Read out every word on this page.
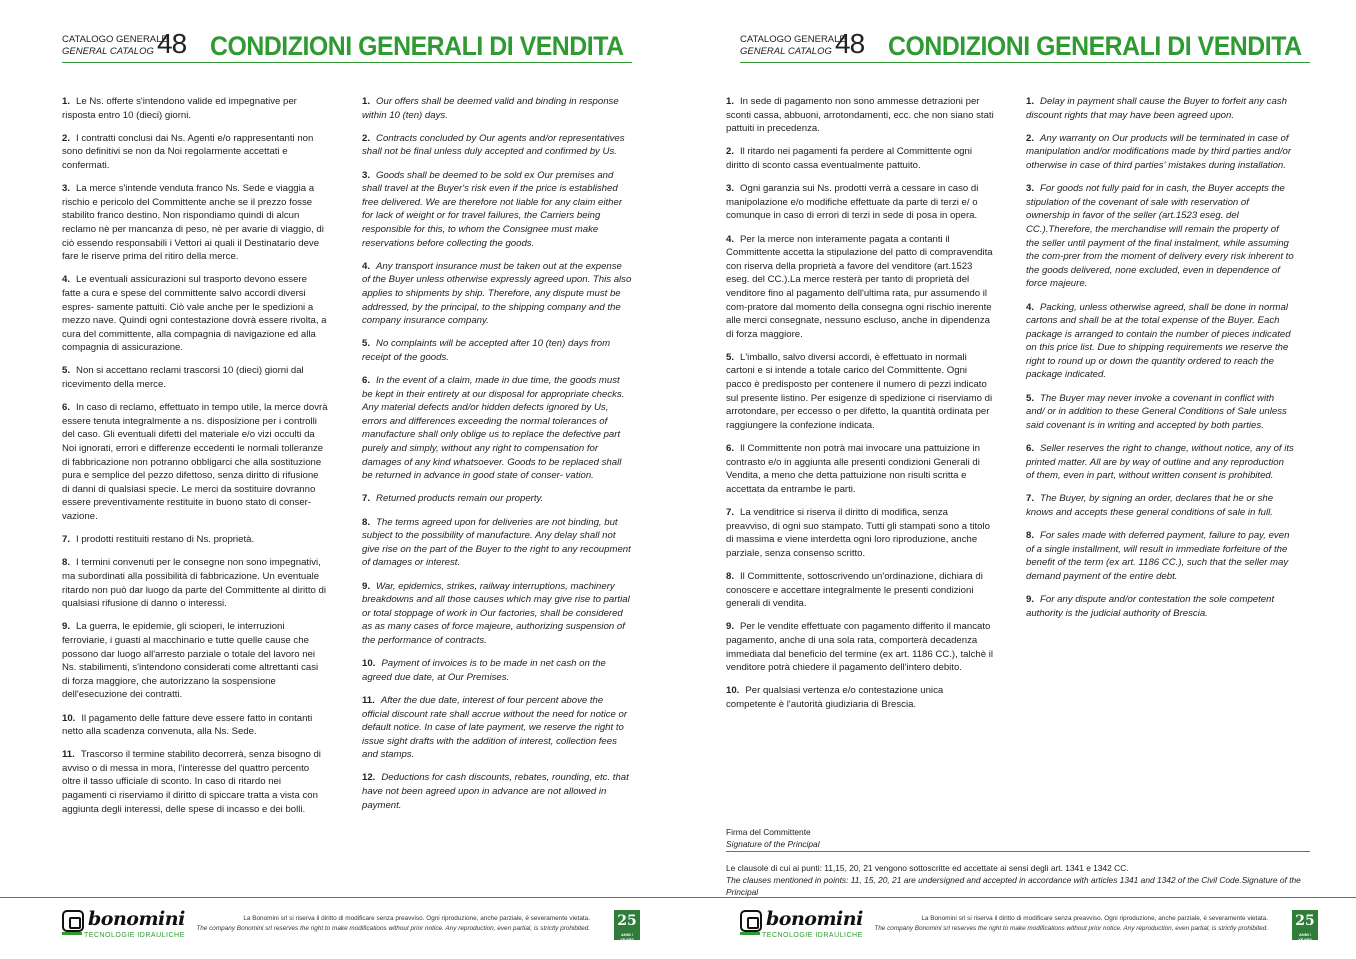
CATALOGO GENERALE
GENERAL CATALOG 48 CONDIZIONI GENERALI DI VENDITA

1. Le Ns. offerte s'intendono valide ed impegnative per risposta entro 10 (dieci) giorni.

2. I contratti conclusi dai Ns. Agenti e/o rappresentanti non sono definitivi se non da Noi regolarmente accettati e confermati.

3. La merce s'intende venduta franco Ns. Sede e viaggia a rischio e pericolo del Committente anche se il prezzo fosse stabilito franco destino. Non rispondiamo quindi di alcun reclamo nè per mancanza di peso, nè per avarie di viaggio, di ciò essendo responsabili i Vettori ai quali il Destinatario deve fare le riserve prima del ritiro della merce.

4. Le eventuali assicurazioni sul trasporto devono essere fatte a cura e spese del committente salvo accordi diversi espres- samente pattuiti. Ciò vale anche per le spedizioni a mezzo nave. Quindi ogni contestazione dovrà essere rivolta, a cura del committente, alla compagnia di navigazione ed alla compagnia di assicurazione.

5. Non si accettano reclami trascorsi 10 (dieci) giorni dal ricevimento della merce.

6. In caso di reclamo, effettuato in tempo utile, la merce dovrà essere tenuta integralmente a ns. disposizione per i controlli del caso. Gli eventuali difetti del materiale e/o vizi occulti da Noi ignorati, errori e differenze eccedenti le normali tolleranze di fabbricazione non potranno obbligarci che alla sostituzione pura e semplice del pezzo difettoso, senza diritto di rifusione di danni di qualsiasi specie. Le merci da sostituire dovranno essere preventivamente restituite in buono stato di conser-vazione.

7. I prodotti restituiti restano di Ns. proprietà.

8. I termini convenuti per le consegne non sono impegnativi, ma subordinati alla possibilità di fabbricazione. Un eventuale ritardo non può dar luogo da parte del Committente al diritto di qualsiasi rifusione di danno o interessi.

9. La guerra, le epidemie, gli scioperi, le interruzioni ferroviarie, i guasti al macchinario e tutte quelle cause che possono dar luogo all'arresto parziale o totale del lavoro nei Ns. stabilimenti, s'intendono considerati come altrettanti casi di forza maggiore, che autorizzano la sospensione dell'esecuzione dei contratti.

10. Il pagamento delle fatture deve essere fatto in contanti netto alla scadenza convenuta, alla Ns. Sede.

11. Trascorso il termine stabilito decorrerà, senza bisogno di avviso o di messa in mora, l'interesse del quattro percento oltre il tasso ufficiale di sconto. In caso di ritardo nei pagamenti ci riserviamo il diritto di spiccare tratta a vista con aggiunta degli interessi, delle spese di incasso e dei bolli.

1. Our offers shall be deemed valid and binding in response within 10 (ten) days.

2. Contracts concluded by Our agents and/or representatives shall not be final unless duly accepted and confirmed by Us.

3. Goods shall be deemed to be sold ex Our premises and shall travel at the Buyer's risk even if the price is established free delivered. We are therefore not liable for any claim either for lack of weight or for travel failures, the Carriers being responsible for this, to whom the Consignee must make reservations before collecting the goods.

4. Any transport insurance must be taken out at the expense of the Buyer unless otherwise expressly agreed upon. This also applies to shipments by ship. Therefore, any dispute must be addressed, by the principal, to the shipping company and the company insurance company.

5. No complaints will be accepted after 10 (ten) days from receipt of the goods.

6. In the event of a claim, made in due time, the goods must be kept in their entirety at our disposal for appropriate checks. Any material defects and/or hidden defects ignored by Us, errors and differences exceeding the normal tolerances of manufacture shall only oblige us to replace the defective part purely and simply, without any right to compensation for damages of any kind whatsoever. Goods to be replaced shall be returned in advance in good state of conser- vation.

7. Returned products remain our property.

8. The terms agreed upon for deliveries are not binding, but subject to the possibility of manufacture. Any delay shall not give rise on the part of the Buyer to the right to any recoupment of damages or interest.

9. War, epidemics, strikes, railway interruptions, machinery breakdowns and all those causes which may give rise to partial or total stoppage of work in Our factories, shall be considered as as many cases of force majeure, authorizing suspension of the performance of contracts.

10. Payment of invoices is to be made in net cash on the agreed due date, at Our Premises.

11. After the due date, interest of four percent above the official discount rate shall accrue without the need for notice or default notice. In case of late payment, we reserve the right to issue sight drafts with the addition of interest, collection fees and stamps.

12. Deductions for cash discounts, rebates, rounding, etc. that have not been agreed upon in advance are not allowed in payment.

bonomini
TECNOLOGIE IDRAULICHE
La Bonomini srl si riserva il diritto di modificare senza preavviso. Ogni riproduzione, anche parziale, è severamente vietata.
The company Bonomini srl reserves the right to make modifications without prior notice. Any reproduction, even partial, is strictly prohibited. 25
ANNI / YEARS
CATALOGO GENERALE
GENERAL CATALOG 48 CONDIZIONI GENERALI DI VENDITA

1. In sede di pagamento non sono ammesse detrazioni per sconti cassa, abbuoni, arrotondamenti, ecc. che non siano stati pattuiti in precedenza.

2. Il ritardo nei pagamenti fa perdere al Committente ogni diritto di sconto cassa eventualmente pattuito.

3. Ogni garanzia sui Ns. prodotti verrà a cessare in caso di manipolazione e/o modifiche effettuate da parte di terzi e/ o comunque in caso di errori di terzi in sede di posa in opera.

4. Per la merce non interamente pagata a contanti il Committente accetta la stipulazione del patto di compravendita con riserva della proprietà a favore del venditore (art.1523 eseg. del CC.).La merce resterà per tanto di proprietà del venditore fino al pagamento dell'ultima rata, pur assumendo il com-pratore dal momento della consegna ogni rischio inerente alle merci consegnate, nessuno escluso, anche in dipendenza di forza maggiore.

5. L'imballo, salvo diversi accordi, è effettuato in normali cartoni e si intende a totale carico del Committente. Ogni pacco è predisposto per contenere il numero di pezzi indicato sul presente listino. Per esigenze di spedizione ci riserviamo di arrotondare, per eccesso o per difetto, la quantità ordinata per raggiungere la confezione indicata.

6. Il Committente non potrà mai invocare una pattuizione in contrasto e/o in aggiunta alle presenti condizioni Generali di Vendita, a meno che detta pattuizione non risulti scritta e accettata da entrambe le parti.

7. La venditrice si riserva il diritto di modifica, senza preavviso, di ogni suo stampato. Tutti gli stampati sono a titolo di massima e viene interdetta ogni loro riproduzione, anche parziale, senza consenso scritto.

8. Il Committente, sottoscrivendo un'ordinazione, dichiara di conoscere e accettare integralmente le presenti condizioni generali di vendita.

9. Per le vendite effettuate con pagamento differito il mancato pagamento, anche di una sola rata, comporterà decadenza immediata dal beneficio del termine (ex art. 1186 CC.), talchè il venditore potrà chiedere il pagamento dell'intero debito.

10. Per qualsiasi vertenza e/o contestazione unica competente è l'autorità giudiziaria di Brescia.

1. Delay in payment shall cause the Buyer to forfeit any cash discount rights that may have been agreed upon.

2. Any warranty on Our products will be terminated in case of manipulation and/or modifications made by third parties and/or otherwise in case of third parties' mistakes during installation.

3. For goods not fully paid for in cash, the Buyer accepts the stipulation of the covenant of sale with reservation of ownership in favor of the seller (art.1523 eseg. del CC.).Therefore, the merchandise will remain the property of the seller until payment of the final instalment, while assuming the com-prer from the moment of delivery every risk inherent to the goods delivered, none excluded, even in dependence of force majeure.

4. Packing, unless otherwise agreed, shall be done in normal cartons and shall be at the total expense of the Buyer. Each package is arranged to contain the number of pieces indicated on this price list. Due to shipping requirements we reserve the right to round up or down the quantity ordered to reach the package indicated.

5. The Buyer may never invoke a covenant in conflict with and/ or in addition to these General Conditions of Sale unless said covenant is in writing and accepted by both parties.

6. Seller reserves the right to change, without notice, any of its printed matter. All are by way of outline and any reproduction of them, even in part, without written consent is prohibited.

7. The Buyer, by signing an order, declares that he or she knows and accepts these general conditions of sale in full.

8. For sales made with deferred payment, failure to pay, even of a single installment, will result in immediate forfeiture of the benefit of the term (ex art. 1186 CC.), such that the seller may demand payment of the entire debt.

9. For any dispute and/or contestation the sole competent authority is the judicial authority of Brescia.

Firma del Committente
Signature of the Principal
Le clausole di cui ai punti: 11,15, 20, 21 vengono sottoscritte ed accettate ai sensi degli art. 1341 e 1342 CC.
The clauses mentioned in points: 11, 15, 20, 21 are undersigned and accepted in accordance with articles 1341 and 1342 of the Civil Code.Signature of the Principal
bonomini
TECNOLOGIE IDRAULICHE
La Bonomini srl si riserva il diritto di modificare senza preavviso. Ogni riproduzione, anche parziale, è severamente vietata.
The company Bonomini srl reserves the right to make modifications without prior notice. Any reproduction, even partial, is strictly prohibited. 25
ANNI / YEARS
